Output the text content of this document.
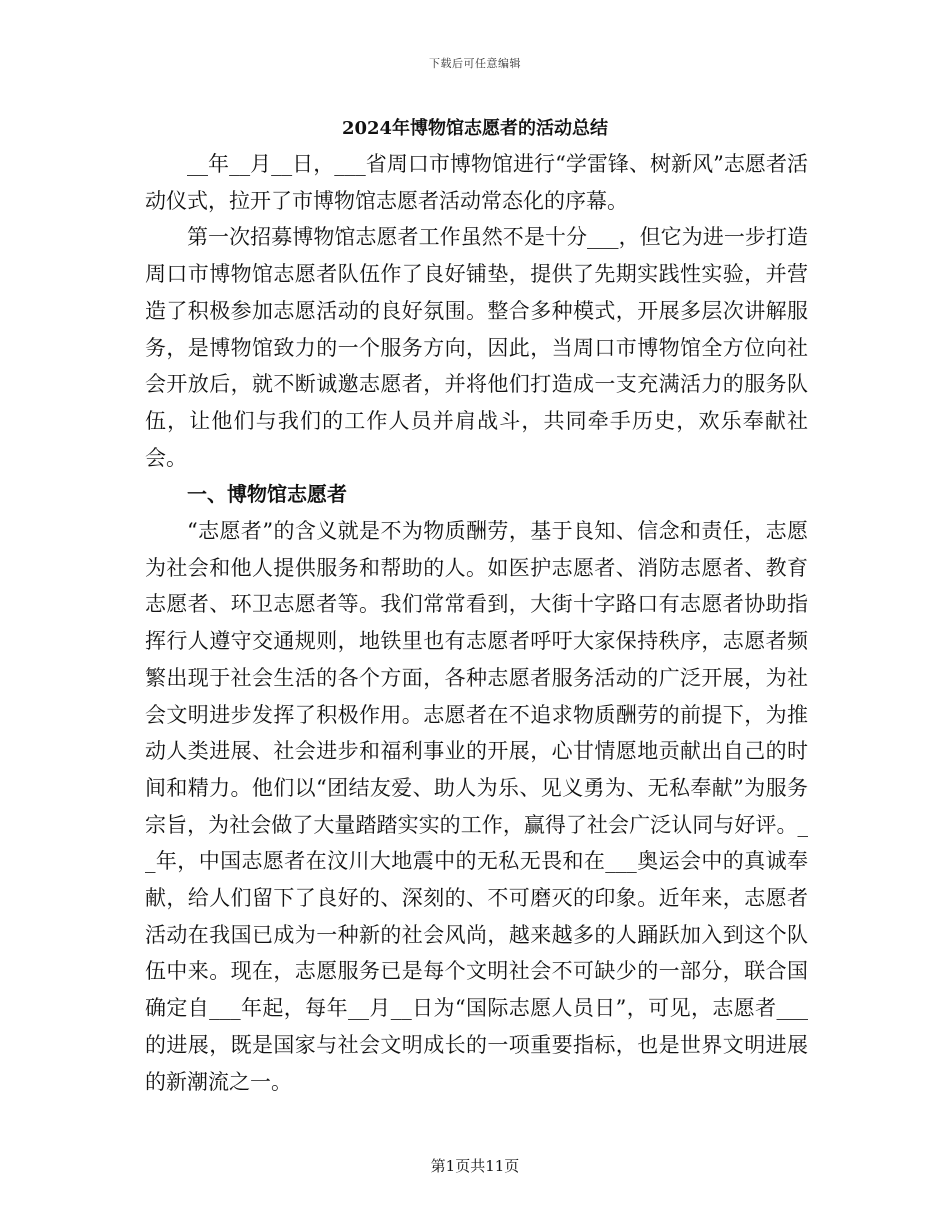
下载后可任意编辑
2024年博物馆志愿者的活动总结

__年__月__日，___省周口市博物馆进行“学雷锋、树新风”志愿者活动仪式，拉开了市博物馆志愿者活动常态化的序幕。

第一次招募博物馆志愿者工作虽然不是十分___，但它为进一步打造周口市博物馆志愿者队伍作了良好铺垫，提供了先期实践性实验，并营造了积极参加志愿活动的良好氛围。整合多种模式，开展多层次讲解服务，是博物馆致力的一个服务方向，因此，当周口市博物馆全方位向社会开放后，就不断诚邀志愿者，并将他们打造成一支充满活力的服务队伍，让他们与我们的工作人员并肩战斗，共同牵手历史，欢乐奉献社会。

一、博物馆志愿者

“志愿者”的含义就是不为物质酬劳，基于良知、信念和责任，志愿为社会和他人提供服务和帮助的人。如医护志愿者、消防志愿者、教育志愿者、环卫志愿者等。我们常常看到，大街十字路口有志愿者协助指挥行人遵守交通规则，地铁里也有志愿者呼吁大家保持秩序，志愿者频繁出现于社会生活的各个方面，各种志愿者服务活动的广泛开展，为社会文明进步发挥了积极作用。志愿者在不追求物质酬劳的前提下，为推动人类进展、社会进步和福利事业的开展，心甘情愿地贡献出自己的时间和精力。他们以“团结友爱、助人为乐、见义勇为、无私奉献”为服务宗旨，为社会做了大量踏踏实实的工作，赢得了社会广泛认同与好评。__年，中国志愿者在汶川大地震中的无私无畏和在___奥运会中的真诚奉献，给人们留下了良好的、深刻的、不可磨灭的印象。近年来，志愿者活动在我国已成为一种新的社会风尚，越来越多的人踊跃加入到这个队伍中来。现在，志愿服务已是每个文明社会不可缺少的一部分，联合国确定自___年起，每年__月__日为“国际志愿人员日”，可见，志愿者___的进展，既是国家与社会文明成长的一项重要指标，也是世界文明进展的新潮流之一。

第1页共11页
